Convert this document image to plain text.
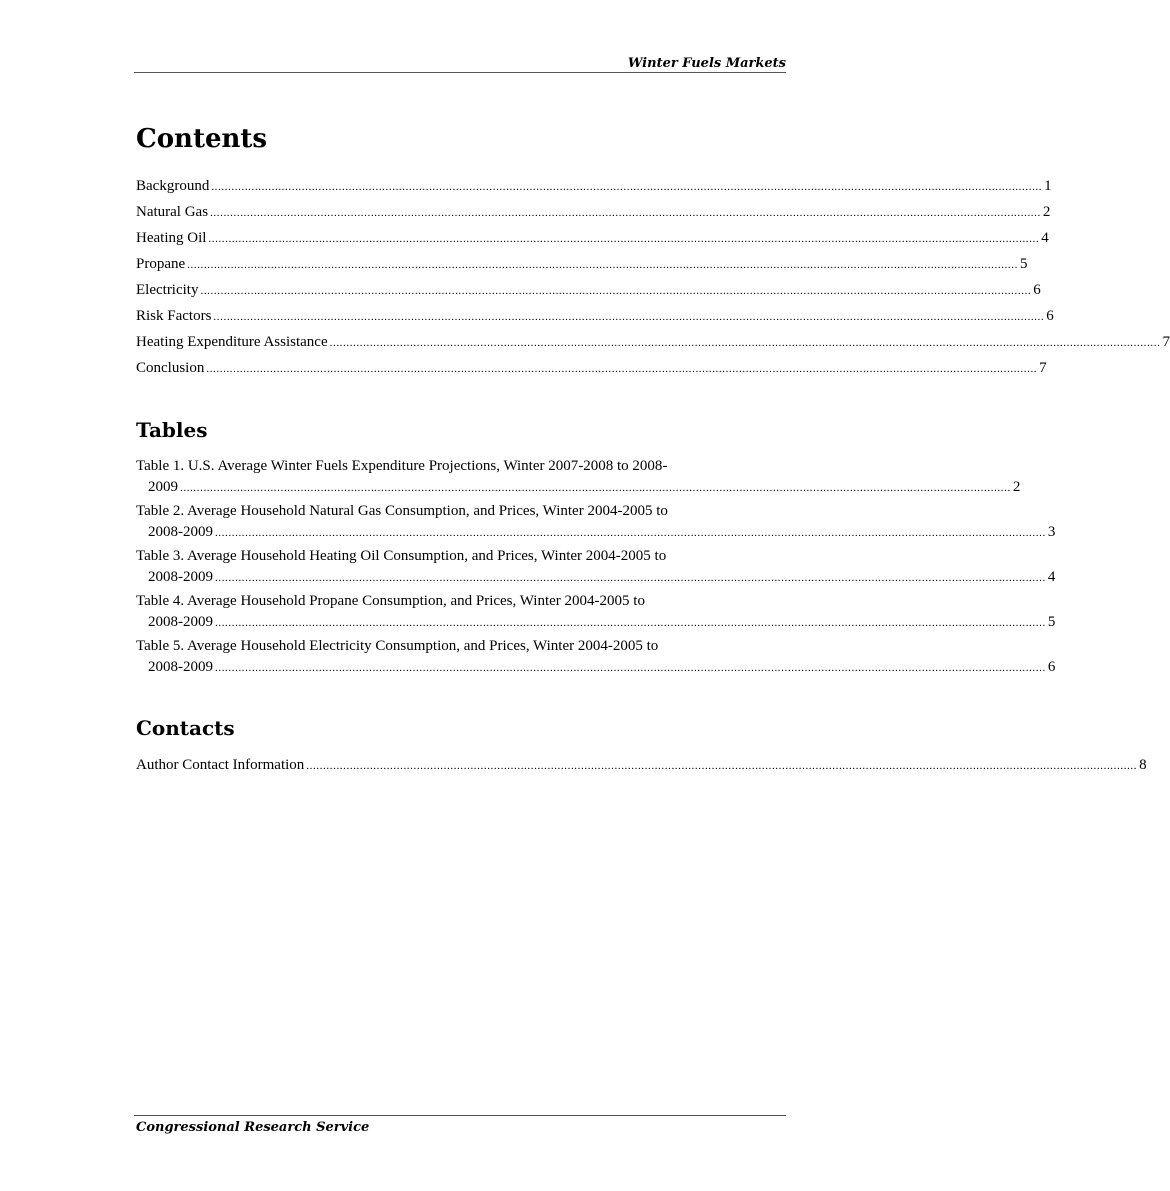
Winter Fuels Markets
Contents
Background ........................................................................................................................................................................................................................................................ 1
Natural Gas ........................................................................................................................................................................................................................................................ 2
Heating Oil ........................................................................................................................................................................................................................................................ 4
Propane ........................................................................................................................................................................................................................................................ 5
Electricity ........................................................................................................................................................................................................................................................ 6
Risk Factors ........................................................................................................................................................................................................................................................ 6
Heating Expenditure Assistance ........................................................................................................................................................................................................................................................ 7
Conclusion ........................................................................................................................................................................................................................................................ 7
Tables
Table 1. U.S. Average Winter Fuels Expenditure Projections, Winter 2007-2008 to 2008-
2009 ........................................................................................................................................................................................................................................................ 2
Table 2. Average Household Natural Gas Consumption, and Prices, Winter 2004-2005 to
2008-2009 ........................................................................................................................................................................................................................................................ 3
Table 3. Average Household Heating Oil Consumption, and Prices, Winter 2004-2005 to
2008-2009 ........................................................................................................................................................................................................................................................ 4
Table 4. Average Household Propane Consumption, and Prices, Winter 2004-2005 to
2008-2009 ........................................................................................................................................................................................................................................................ 5
Table 5. Average Household Electricity Consumption, and Prices, Winter 2004-2005 to
2008-2009 ........................................................................................................................................................................................................................................................ 6
Contacts
Author Contact Information ........................................................................................................................................................................................................................................................ 8
Congressional Research Service
